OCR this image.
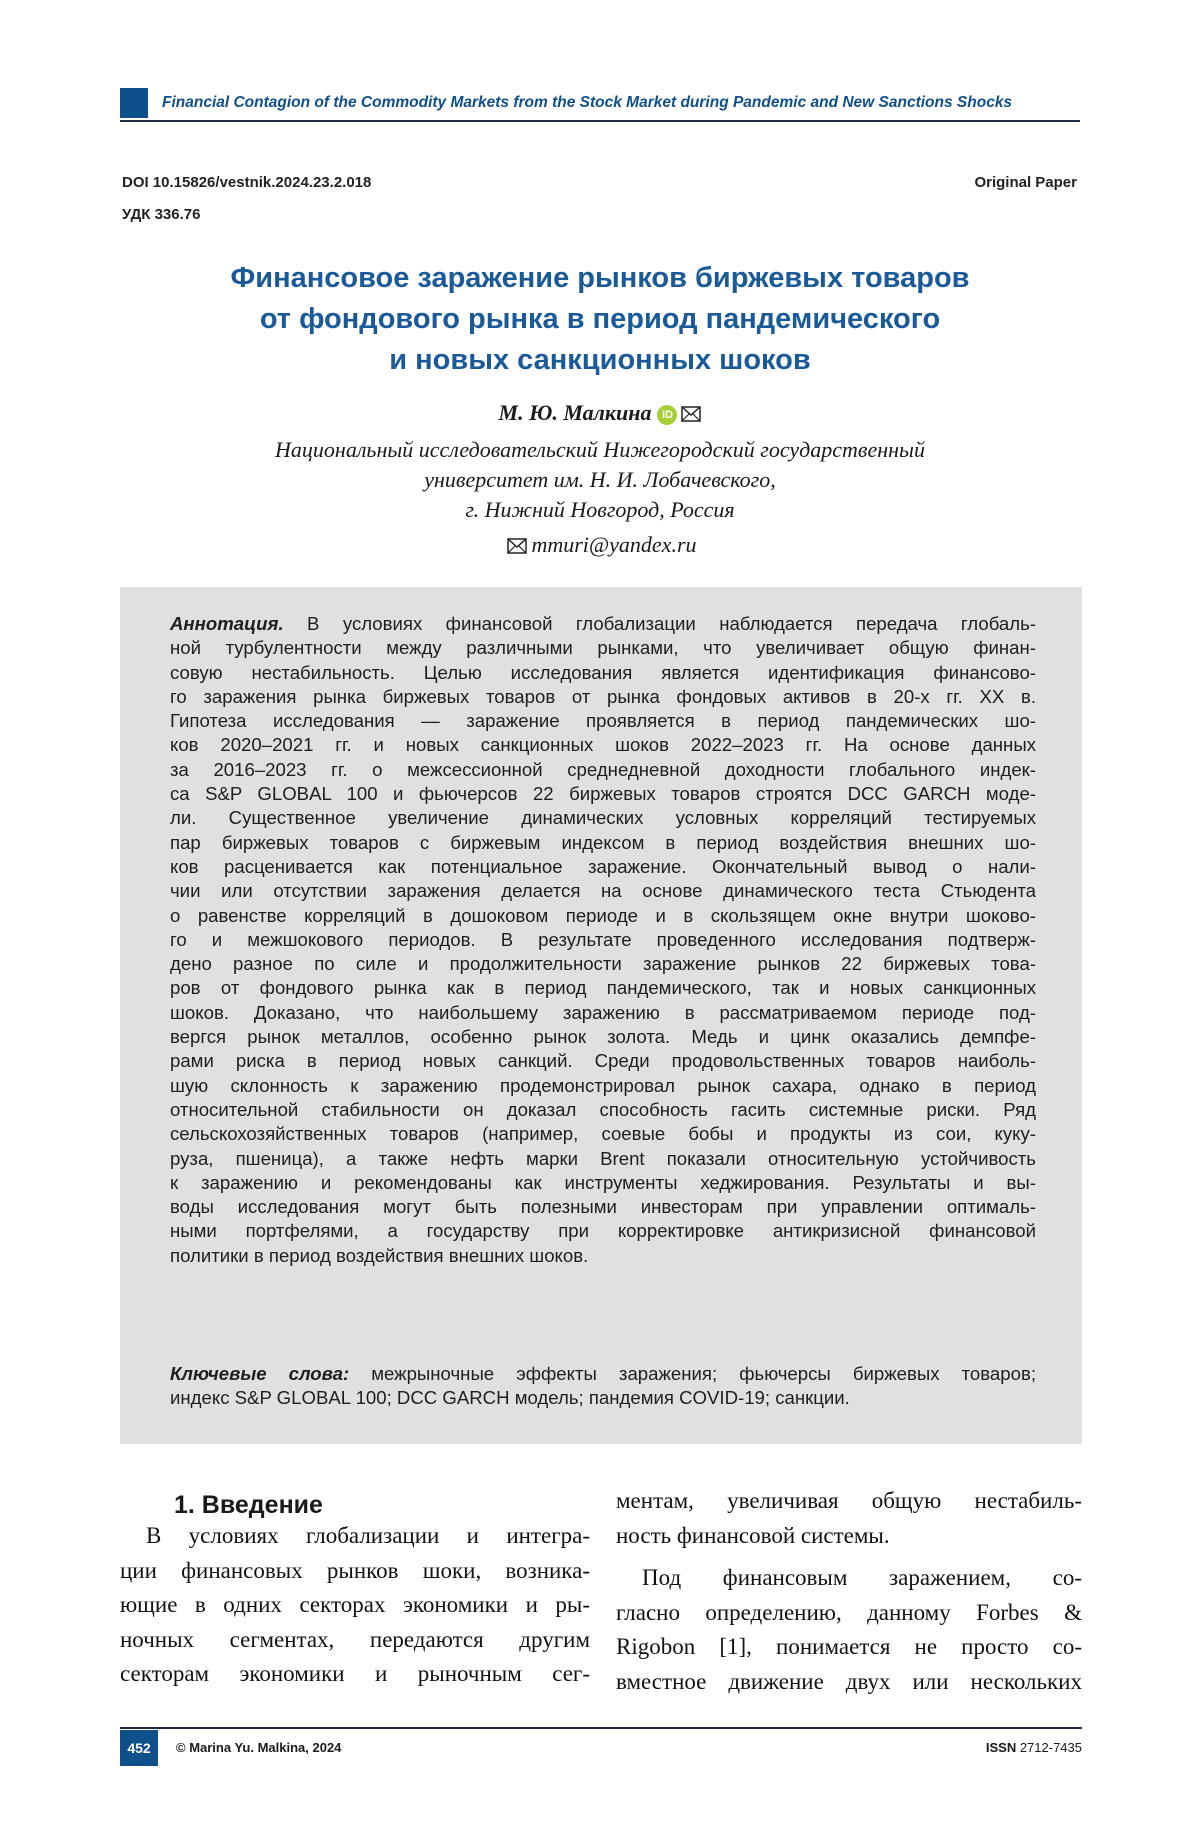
Financial Contagion of the Commodity Markets from the Stock Market during Pandemic and New Sanctions Shocks
DOI 10.15826/vestnik.2024.23.2.018
УДК 336.76
Original Paper
Финансовое заражение рынков биржевых товаров
от фондового рынка в период пандемического
и новых санкционных шоков
М. Ю. Малкина iD
Национальный исследовательский Нижегородский государственный
университет им. Н. И. Лобачевского,
г. Нижний Новгород, Россия
mmuri@yandex.ru
Аннотация. В условиях финансовой глобализации наблюдается передача глобаль-
ной турбулентности между различными рынками, что увеличивает общую финан-
совую нестабильность. Целью исследования является идентификация финансово-
го заражения рынка биржевых товаров от рынка фондовых активов в 20-х гг. XX в.
Гипотеза исследования — заражение проявляется в период пандемических шо-
ков 2020–2021 гг. и новых санкционных шоков 2022–2023 гг. На основе данных
за 2016–2023 гг. о межсессионной среднедневной доходности глобального индек-
са S&P GLOBAL 100 и фьючерсов 22 биржевых товаров строятся DCC GARCH моде-
ли. Существенное увеличение динамических условных корреляций тестируемых
пар биржевых товаров с биржевым индексом в период воздействия внешних шо-
ков расценивается как потенциальное заражение. Окончательный вывод о нали-
чии или отсутствии заражения делается на основе динамического теста Стьюдента
о равенстве корреляций в дошоковом периоде и в скользящем окне внутри шоково-
го и межшокового периодов. В результате проведенного исследования подтверж-
дено разное по силе и продолжительности заражение рынков 22 биржевых това-
ров от фондового рынка как в период пандемического, так и новых санкционных
шоков. Доказано, что наибольшему заражению в рассматриваемом периоде под-
вергся рынок металлов, особенно рынок золота. Медь и цинк оказались демпфе-
рами риска в период новых санкций. Среди продовольственных товаров наиболь-
шую склонность к заражению продемонстрировал рынок сахара, однако в период
относительной стабильности он доказал способность гасить системные риски. Ряд
сельскохозяйственных товаров (например, соевые бобы и продукты из сои, куку-
руза, пшеница), а также нефть марки Brent показали относительную устойчивость
к заражению и рекомендованы как инструменты хеджирования. Результаты и вы-
воды исследования могут быть полезными инвесторам при управлении оптималь-
ными портфелями, а государству при корректировке антикризисной финансовой
политики в период воздействия внешних шоков.
Ключевые слова: межрыночные эффекты заражения; фьючерсы биржевых товаров;
индекс S&P GLOBAL 100; DCC GARCH модель; пандемия COVID-19; санкции.
1. Введение
В условиях глобализации и интегра-
ции финансовых рынков шоки, возника-
ющие в одних секторах экономики и ры-
ночных сегментах, передаются другим
секторам экономики и рыночным сег-
ментам, увеличивая общую нестабиль-
ность финансовой системы.
Под финансовым заражением, со-
гласно определению, данному Forbes &
Rigobon [1], понимается не просто со-
вместное движение двух или нескольких
452	© Marina Yu. Malkina, 2024	ISSN 2712-7435
